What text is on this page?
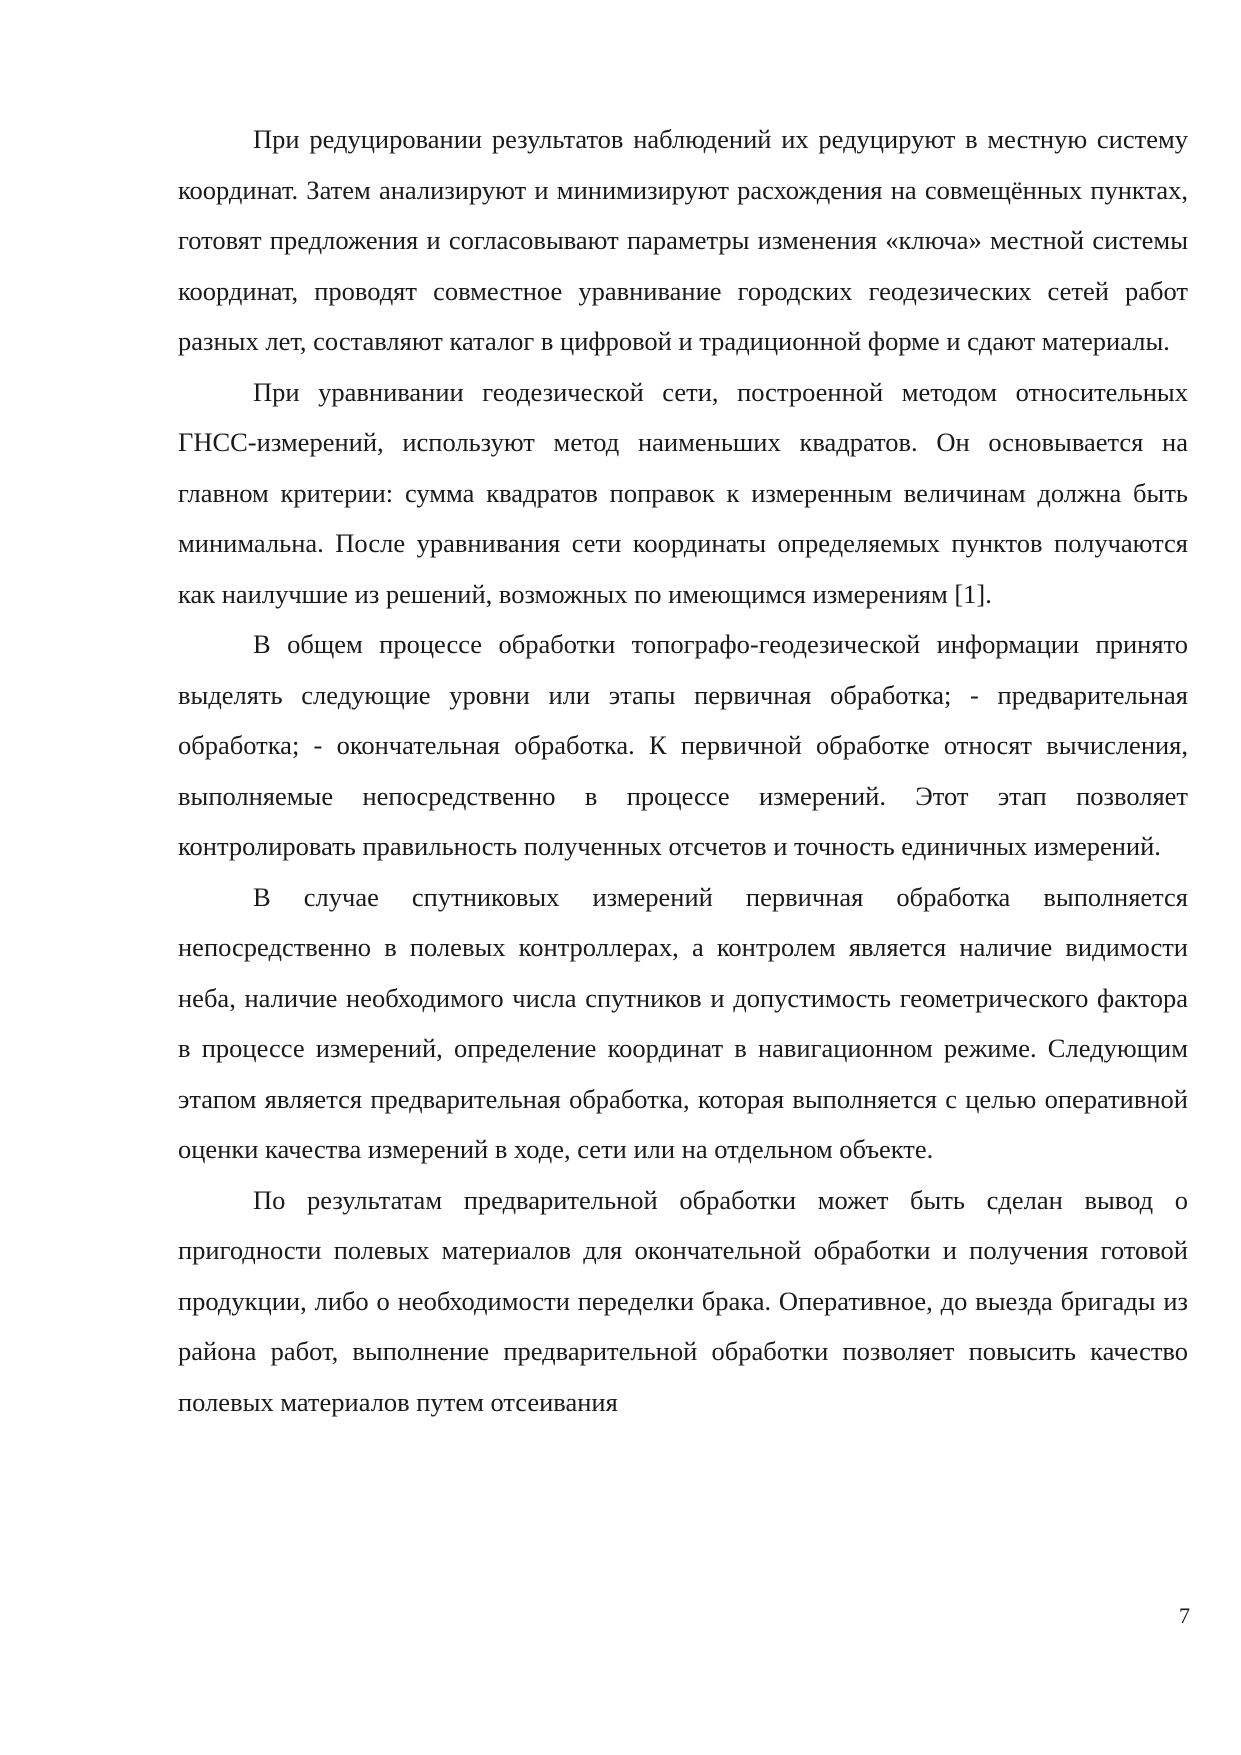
При редуцировании результатов наблюдений их редуцируют в местную систему координат. Затем анализируют и минимизируют расхождения на совмещённых пунктах, готовят предложения и согласовывают параметры изменения «ключа» местной системы координат, проводят совместное уравнивание городских геодезических сетей работ разных лет, составляют каталог в цифровой и традиционной форме и сдают материалы.

При уравнивании геодезической сети, построенной методом относительных ГНСС-измерений, используют метод наименьших квадратов. Он основывается на главном критерии: сумма квадратов поправок к измеренным величинам должна быть минимальна. После уравнивания сети координаты определяемых пунктов получаются как наилучшие из решений, возможных по имеющимся измерениям [1].

В общем процессе обработки топографо-геодезической информации принято выделять следующие уровни или этапы первичная обработка; - предварительная обработка; - окончательная обработка. К первичной обработке относят вычисления, выполняемые непосредственно в процессе измерений. Этот этап позволяет контролировать правильность полученных отсчетов и точность единичных измерений.

В случае спутниковых измерений первичная обработка выполняется непосредственно в полевых контроллерах, а контролем является наличие видимости неба, наличие необходимого числа спутников и допустимость геометрического фактора в процессе измерений, определение координат в навигационном режиме. Следующим этапом является предварительная обработка, которая выполняется с целью оперативной оценки качества измерений в ходе, сети или на отдельном объекте.

По результатам предварительной обработки может быть сделан вывод о пригодности полевых материалов для окончательной обработки и получения готовой продукции, либо о необходимости переделки брака. Оперативное, до выезда бригады из района работ, выполнение предварительной обработки позволяет повысить качество полевых материалов путем отсеивания

7
